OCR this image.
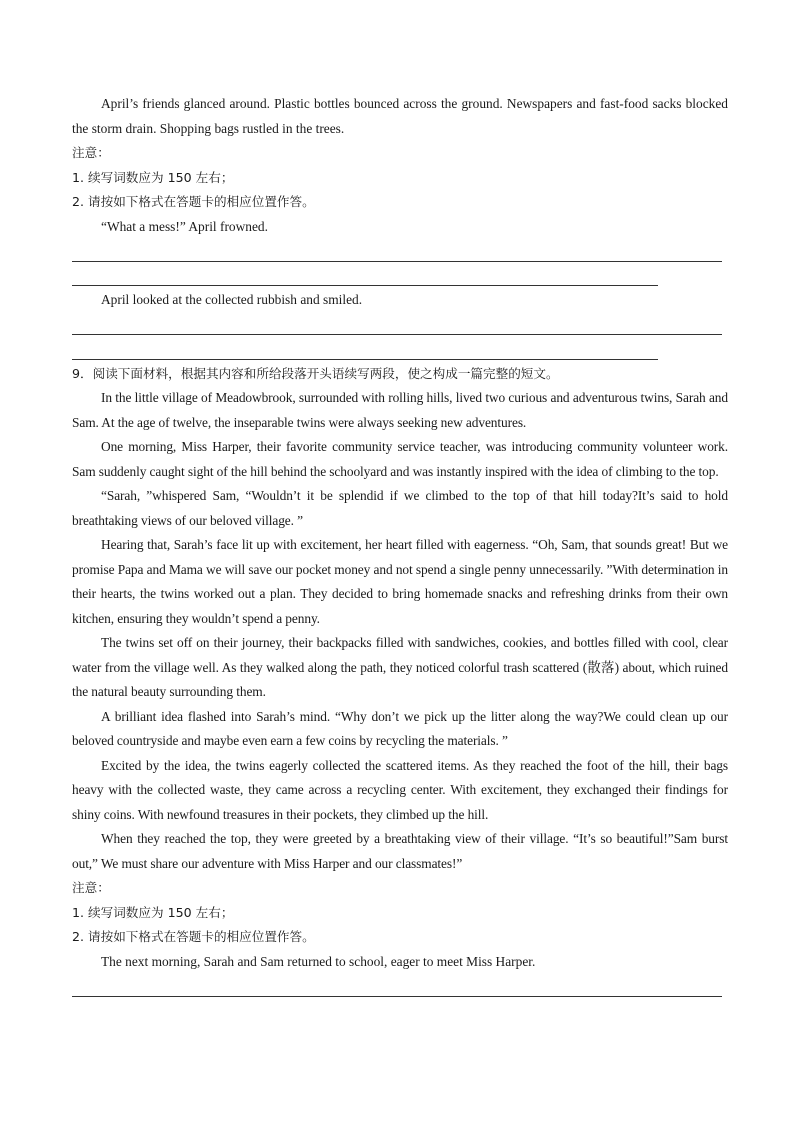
April’s friends glanced around. Plastic bottles bounced across the ground. Newspapers and fast-food sacks blocked the storm drain. Shopping bags rustled in the trees.

注意：

1. 续写词数应为 150 左右；

2. 请按如下格式在答题卡的相应位置作答。

“What a mess!” April frowned.

April looked at the collected rubbish and smiled.

9．阅读下面材料，根据其内容和所给段落开头语续写两段，使之构成一篇完整的短文。

In the little village of Meadowbrook, surrounded with rolling hills, lived two curious and adventurous twins, Sarah and Sam. At the age of twelve, the inseparable twins were always seeking new adventures.

One morning, Miss Harper, their favorite community service teacher, was introducing community volunteer work. Sam suddenly caught sight of the hill behind the schoolyard and was instantly inspired with the idea of climbing to the top.

“Sarah, ”whispered Sam, “Wouldn’t it be splendid if we climbed to the top of that hill today?It’s said to hold breathtaking views of our beloved village. ”

Hearing that, Sarah’s face lit up with excitement, her heart filled with eagerness. “Oh, Sam, that sounds great! But we promise Papa and Mama we will save our pocket money and not spend a single penny unnecessarily. ”With determination in their hearts, the twins worked out a plan. They decided to bring homemade snacks and refreshing drinks from their own kitchen, ensuring they wouldn’t spend a penny.

The twins set off on their journey, their backpacks filled with sandwiches, cookies, and bottles filled with cool, clear water from the village well. As they walked along the path, they noticed colorful trash scattered (散落) about, which ruined the natural beauty surrounding them.

A brilliant idea flashed into Sarah’s mind. “Why don’t we pick up the litter along the way?We could clean up our beloved countryside and maybe even earn a few coins by recycling the materials. ”

Excited by the idea, the twins eagerly collected the scattered items. As they reached the foot of the hill, their bags heavy with the collected waste, they came across a recycling center. With excitement, they exchanged their findings for shiny coins. With newfound treasures in their pockets, they climbed up the hill.

When they reached the top, they were greeted by a breathtaking view of their village. “It’s so beautiful!”Sam burst out,” We must share our adventure with Miss Harper and our classmates!”

注意：

1. 续写词数应为 150 左右；

2. 请按如下格式在答题卡的相应位置作答。

The next morning, Sarah and Sam returned to school, eager to meet Miss Harper.
